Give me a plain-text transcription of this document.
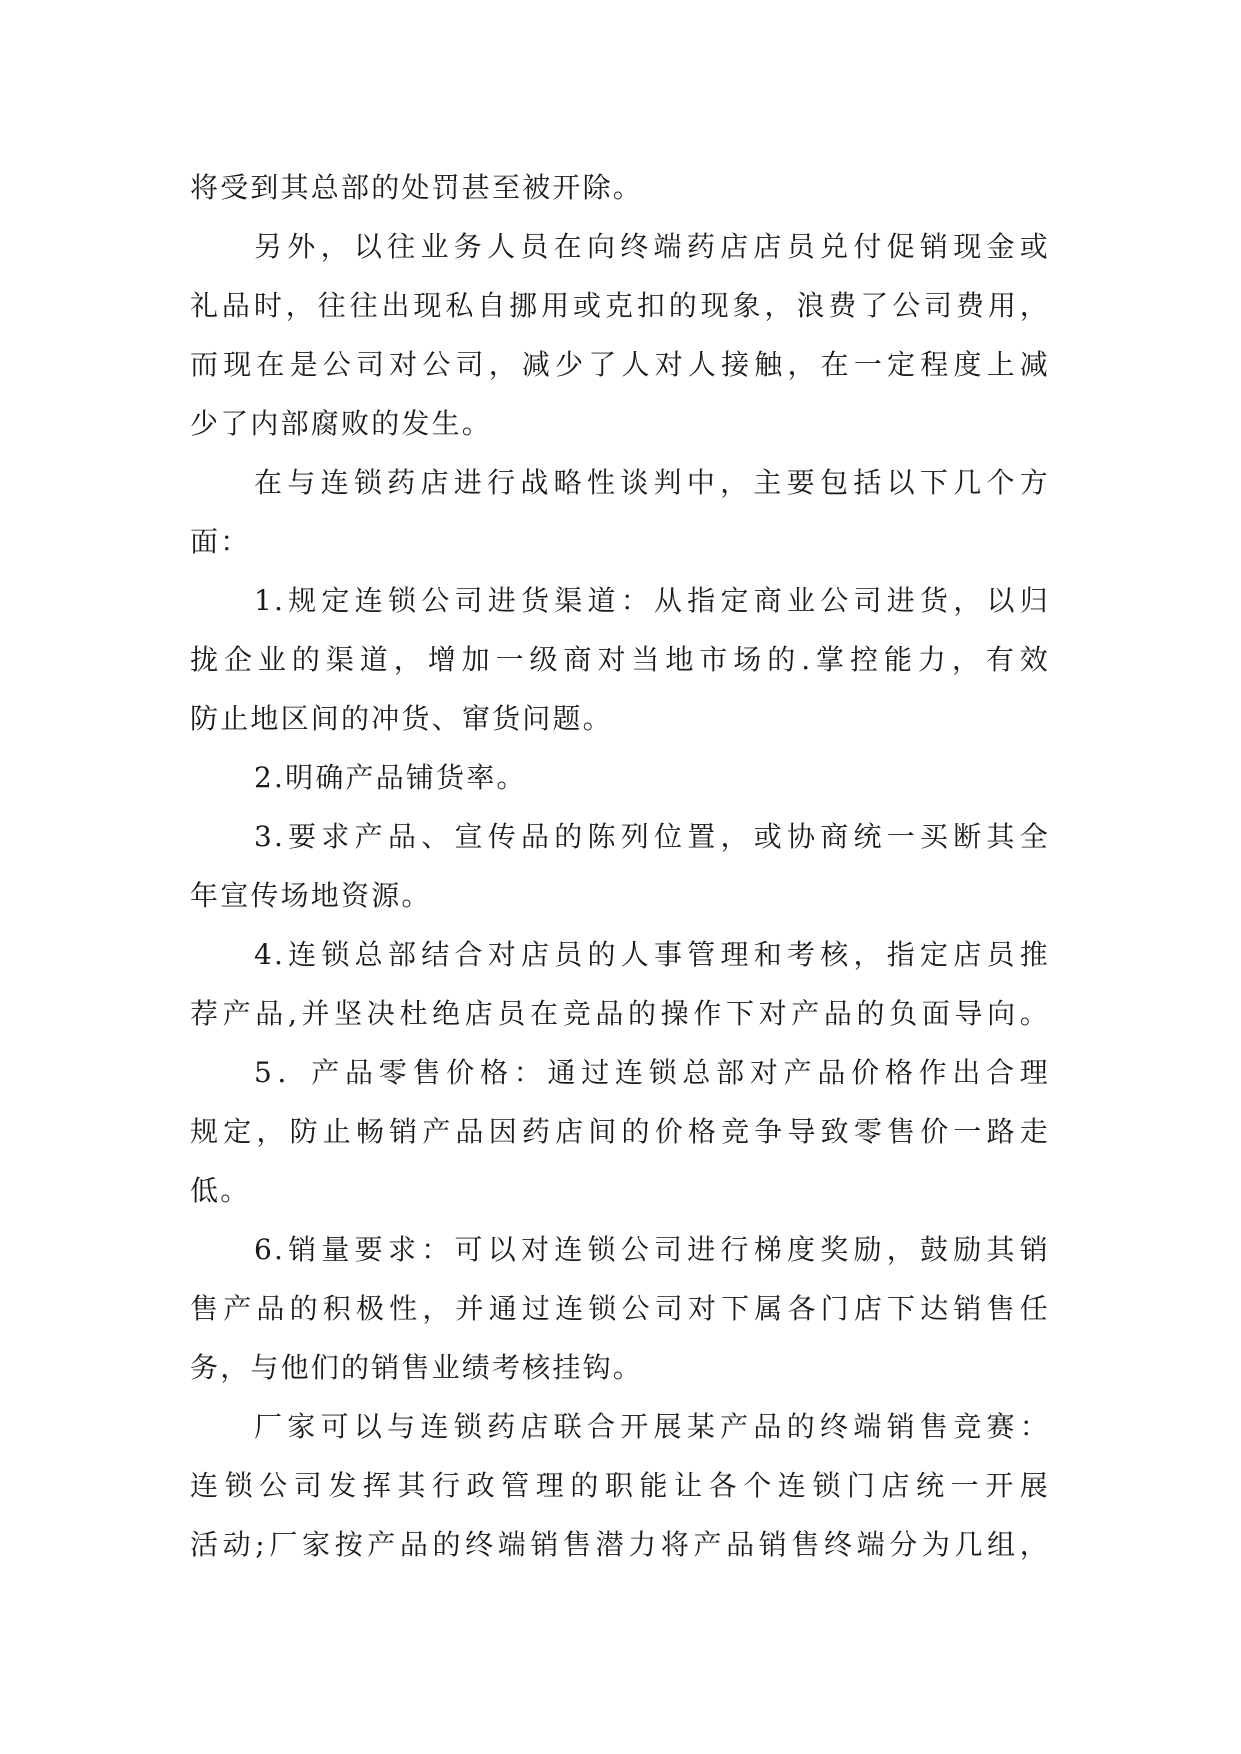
将受到其总部的处罚甚至被开除。
另外，以往业务人员在向终端药店店员兑付促销现金或
礼品时，往往出现私自挪用或克扣的现象，浪费了公司费用，
而现在是公司对公司，减少了人对人接触，在一定程度上减
少了内部腐败的发生。
在与连锁药店进行战略性谈判中，主要包括以下几个方
面：
1.规定连锁公司进货渠道：从指定商业公司进货，以归
拢企业的渠道，增加一级商对当地市场的.掌控能力，有效
防止地区间的冲货、窜货问题。
2.明确产品铺货率。
3.要求产品、宣传品的陈列位置，或协商统一买断其全
年宣传场地资源。
4.连锁总部结合对店员的人事管理和考核，指定店员推
荐产品,并坚决杜绝店员在竞品的操作下对产品的负面导向。
5．产品零售价格：通过连锁总部对产品价格作出合理
规定，防止畅销产品因药店间的价格竞争导致零售价一路走
低。
6.销量要求：可以对连锁公司进行梯度奖励，鼓励其销
售产品的积极性，并通过连锁公司对下属各门店下达销售任
务，与他们的销售业绩考核挂钩。
厂家可以与连锁药店联合开展某产品的终端销售竞赛：
连锁公司发挥其行政管理的职能让各个连锁门店统一开展
活动;厂家按产品的终端销售潜力将产品销售终端分为几组，
